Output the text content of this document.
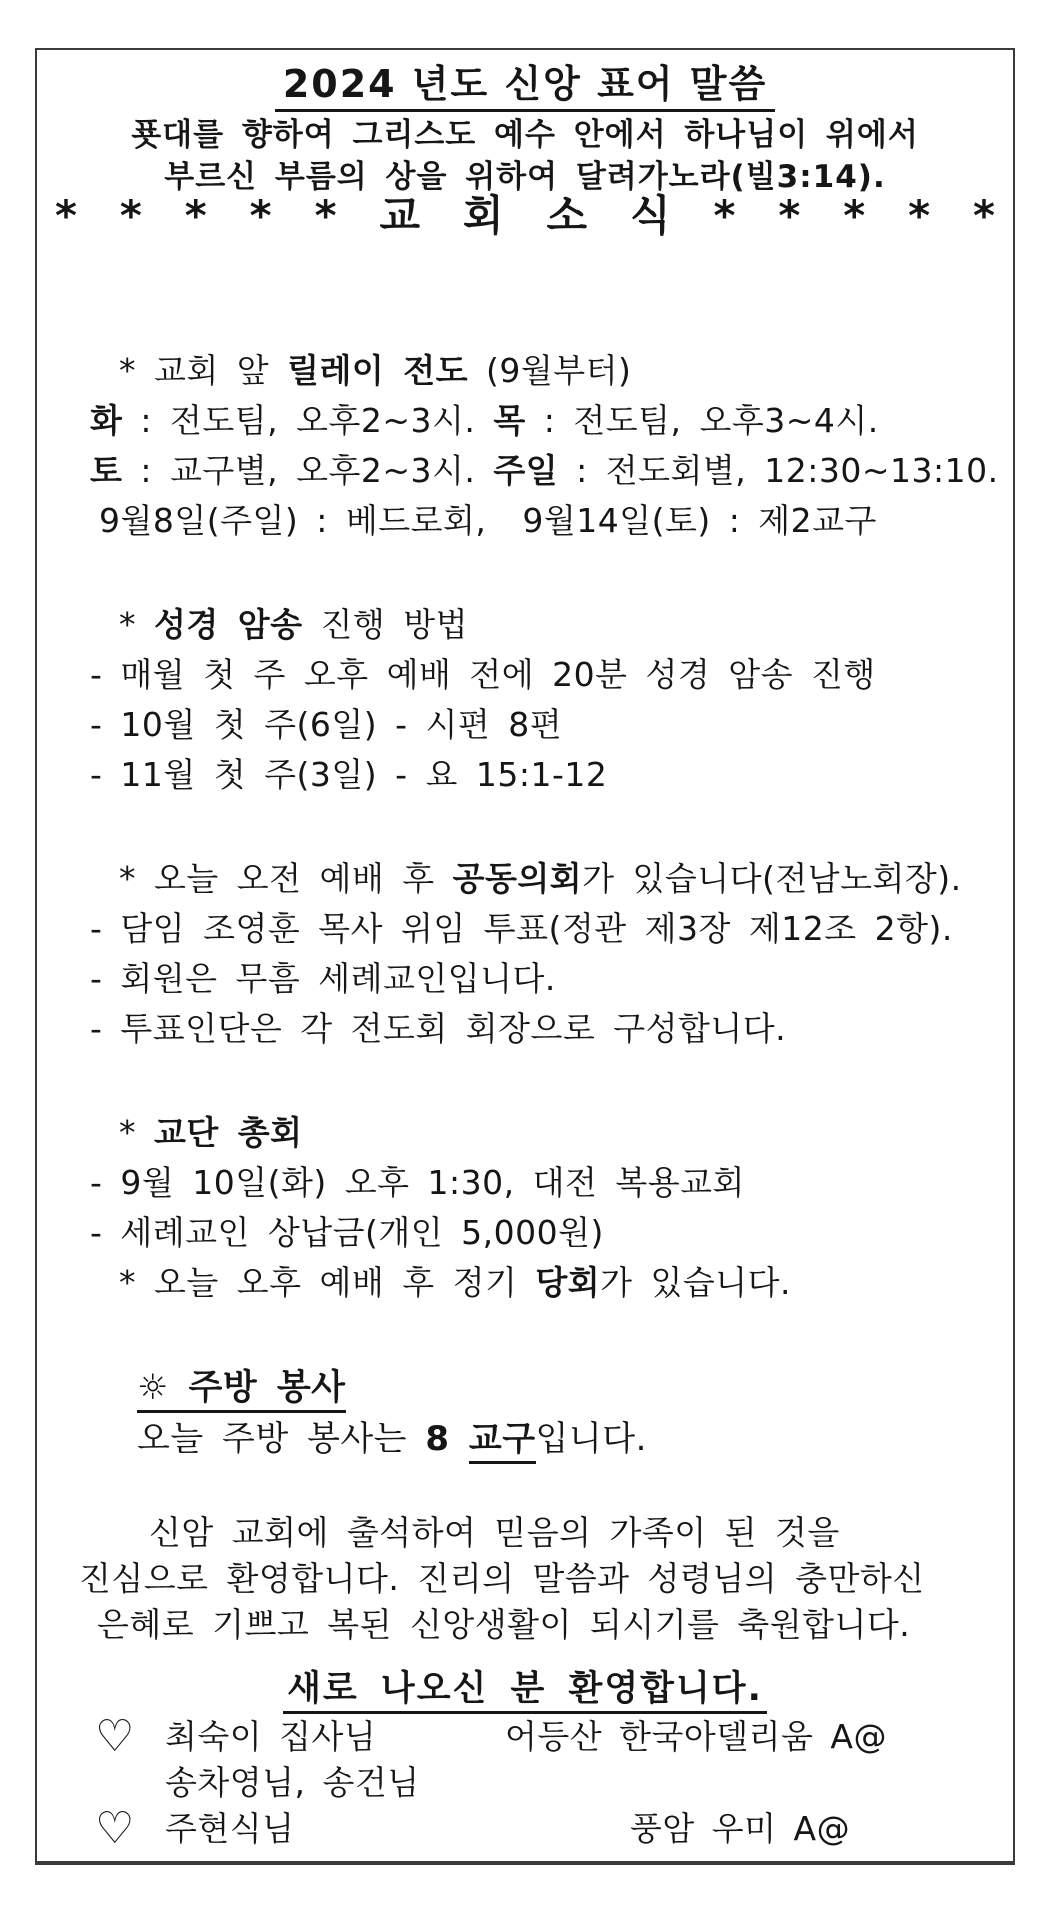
2024 년도 신앙 표어 말씀

푯대를 향하여 그리스도 예수 안에서 하나님이 위에서

부르신 부름의 상을 위하여 달려가노라(빌3:14).

* * * * * 교 회 소 식 * * * * *

* 교회 앞 릴레이 전도 (9월부터)

화 : 전도팀, 오후2~3시. 목 : 전도팀, 오후3~4시.

토 : 교구별, 오후2~3시. 주일 : 전도회별, 12:30~13:10.

9월8일(주일) : 베드로회,  9월14일(토) : 제2교구

* 성경 암송 진행 방법

- 매월 첫 주 오후 예배 전에 20분 성경 암송 진행

- 10월 첫 주(6일) - 시편 8편

- 11월 첫 주(3일) - 요 15:1-12

* 오늘 오전 예배 후 공동의회가 있습니다(전남노회장).

- 담임 조영훈 목사 위임 투표(정관 제3장 제12조 2항).

- 회원은 무흠 세례교인입니다.

- 투표인단은 각 전도회 회장으로 구성합니다.

* 교단 총회

- 9월 10일(화) 오후 1:30, 대전 복용교회

- 세례교인 상납금(개인 5,000원)

* 오늘 오후 예배 후 정기 당회가 있습니다.

☼ 주방 봉사

오늘 주방 봉사는 8 교구입니다.

신암 교회에 출석하여 믿음의 가족이 된 것을

진심으로 환영합니다. 진리의 말씀과 성령님의 충만하신

은혜로 기쁘고 복된 신앙생활이 되시기를 축원합니다.

새로 나오신 분 환영합니다.

♡ 최숙이 집사님	어등산 한국아델리움 A@

송차영님, 송건님

♡ 주현식님	풍암 우미 A@
